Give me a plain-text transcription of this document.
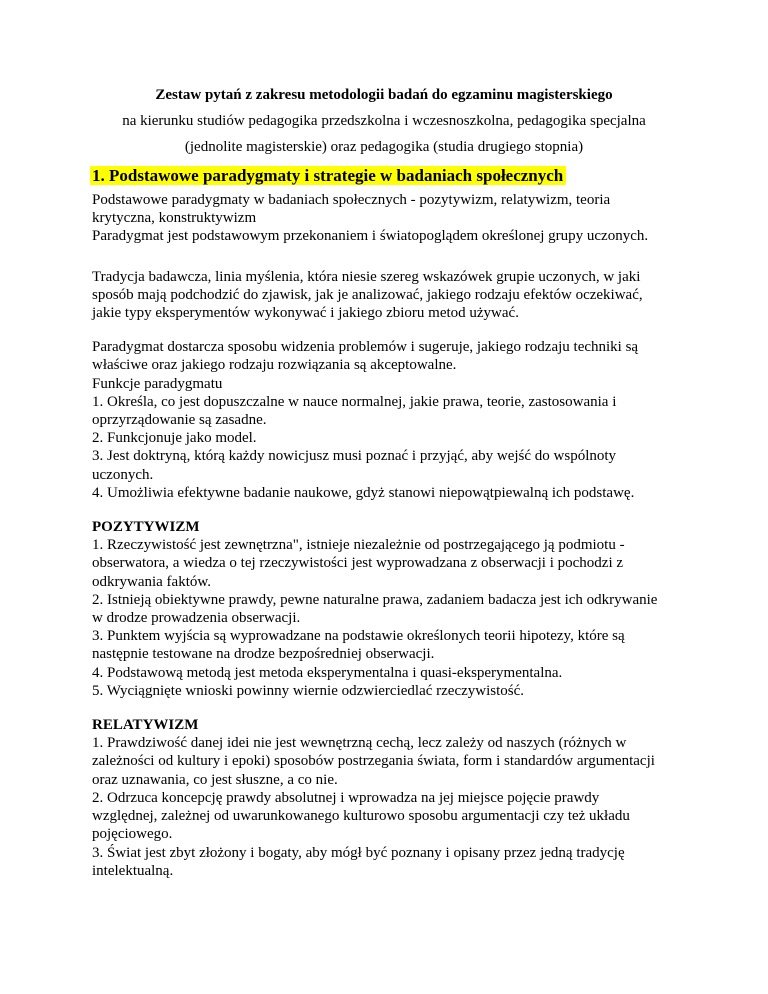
Zestaw pytań z zakresu metodologii badań do egzaminu magisterskiego
na kierunku studiów pedagogika przedszkolna i wczesnoszkolna, pedagogika specjalna
(jednolite magisterskie) oraz pedagogika (studia drugiego stopnia)
1. Podstawowe paradygmaty i strategie w badaniach społecznych
Podstawowe paradygmaty w badaniach społecznych - pozytywizm, relatywizm, teoria
krytyczna, konstruktywizm
Paradygmat jest podstawowym przekonaniem i światopoglądem określonej grupy uczonych.
Tradycja badawcza, linia myślenia, która niesie szereg wskazówek grupie uczonych, w jaki
sposób mają podchodzić do zjawisk, jak je analizować, jakiego rodzaju efektów oczekiwać,
jakie typy eksperymentów wykonywać i jakiego zbioru metod używać.
Paradygmat dostarcza sposobu widzenia problemów i sugeruje, jakiego rodzaju techniki są
właściwe oraz jakiego rodzaju rozwiązania są akceptowalne.
Funkcje paradygmatu
1. Określa, co jest dopuszczalne w nauce normalnej, jakie prawa, teorie, zastosowania i
oprzyrządowanie są zasadne.
2. Funkcjonuje jako model.
3. Jest doktryną, którą każdy nowicjusz musi poznać i przyjąć, aby wejść do wspólnoty
uczonych.
4. Umożliwia efektywne badanie naukowe, gdyż stanowi niepowątpiewalną ich podstawę.
POZYTYWIZM
1. Rzeczywistość jest zewnętrzna", istnieje niezależnie od postrzegającego ją podmiotu -
obserwatora, a wiedza o tej rzeczywistości jest wyprowadzana z obserwacji i pochodzi z
odkrywania faktów.
2. Istnieją obiektywne prawdy, pewne naturalne prawa, zadaniem badacza jest ich odkrywanie
w drodze prowadzenia obserwacji.
3. Punktem wyjścia są wyprowadzane na podstawie określonych teorii hipotezy, które są
następnie testowane na drodze bezpośredniej obserwacji.
4. Podstawową metodą jest metoda eksperymentalna i quasi-eksperymentalna.
5. Wyciągnięte wnioski powinny wiernie odzwierciedlać rzeczywistość.
RELATYWIZM
1. Prawdziwość danej idei nie jest wewnętrzną cechą, lecz zależy od naszych (różnych w
zależności od kultury i epoki) sposobów postrzegania świata, form i standardów argumentacji
oraz uznawania, co jest słuszne, a co nie.
2. Odrzuca koncepcję prawdy absolutnej i wprowadza na jej miejsce pojęcie prawdy
względnej, zależnej od uwarunkowanego kulturowo sposobu argumentacji czy też układu
pojęciowego.
3. Świat jest zbyt złożony i bogaty, aby mógł być poznany i opisany przez jedną tradycję
intelektualną.
